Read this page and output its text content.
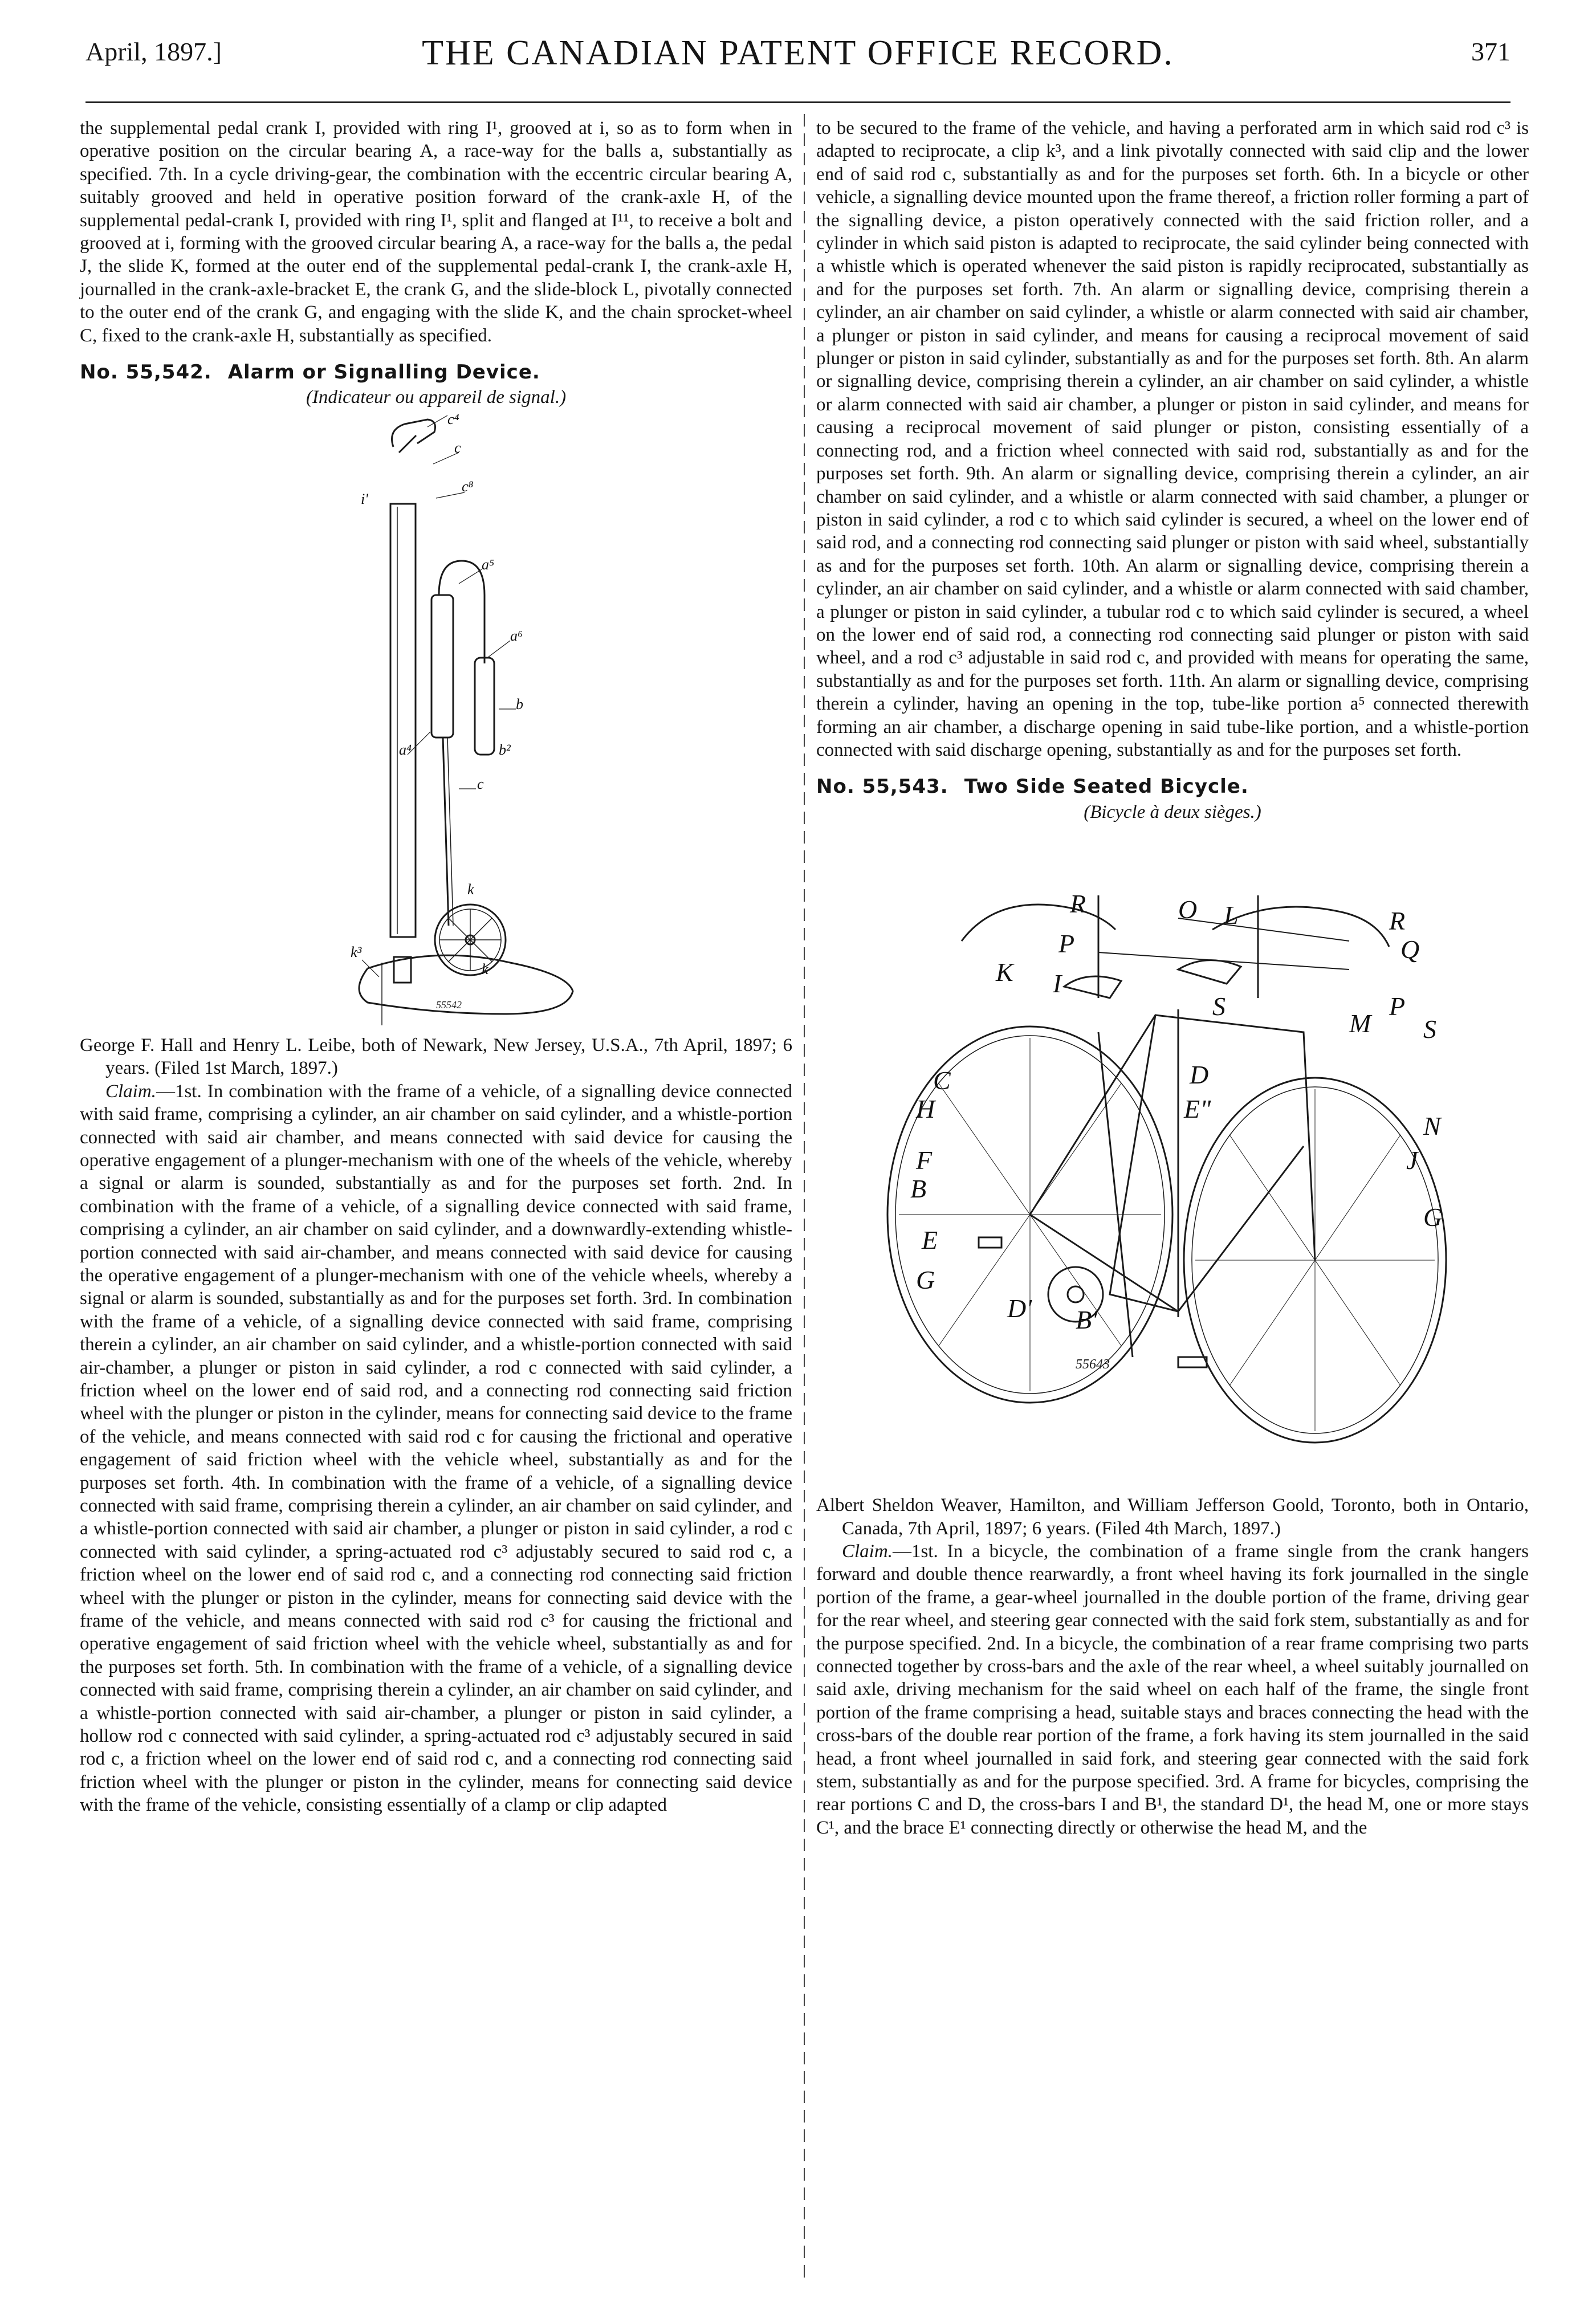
April, 1897.]	THE CANADIAN PATENT OFFICE RECORD.	371

the supplemental pedal crank I, provided with ring I¹, grooved at i, so as to form when in operative position on the circular bearing A, a race-way for the balls a, substantially as specified. 7th. In a cycle driving-gear, the combination with the eccentric circular bearing A, suitably grooved and held in operative position forward of the crank-axle H, of the supplemental pedal-crank I, provided with ring I¹, split and flanged at I¹¹, to receive a bolt and grooved at i, forming with the grooved circular bearing A, a race-way for the balls a, the pedal J, the slide K, formed at the outer end of the supplemental pedal-crank I, the crank-axle H, journalled in the crank-axle-bracket E, the crank G, and the slide-block L, pivotally connected to the outer end of the crank G, and engaging with the slide K, and the chain sprocket-wheel C, fixed to the crank-axle H, substantially as specified.

No. 55,542. Alarm or Signalling Device.
(Indicateur ou appareil de signal.)
c⁴
c
c⁸
i'
a⁵
a⁶
b
b²
a⁴
c
k
k³
k
55542

George F. Hall and Henry L. Leibe, both of Newark, New Jersey, U.S.A., 7th April, 1897; 6 years. (Filed 1st March, 1897.)

Claim.—1st. In combination with the frame of a vehicle, of a signalling device connected with said frame, comprising a cylinder, an air chamber on said cylinder, and a whistle-portion connected with said air chamber, and means connected with said device for causing the operative engagement of a plunger-mechanism with one of the wheels of the vehicle, whereby a signal or alarm is sounded, substantially as and for the purposes set forth. 2nd. In combination with the frame of a vehicle, of a signalling device connected with said frame, comprising a cylinder, an air chamber on said cylinder, and a downwardly-extending whistle-portion connected with said air-chamber, and means connected with said device for causing the operative engagement of a plunger-mechanism with one of the vehicle wheels, whereby a signal or alarm is sounded, substantially as and for the purposes set forth. 3rd. In combination with the frame of a vehicle, of a signalling device connected with said frame, comprising therein a cylinder, an air chamber on said cylinder, and a whistle-portion connected with said air-chamber, a plunger or piston in said cylinder, a rod c connected with said cylinder, a friction wheel on the lower end of said rod, and a connecting rod connecting said friction wheel with the plunger or piston in the cylinder, means for connecting said device to the frame of the vehicle, and means connected with said rod c for causing the frictional and operative engagement of said friction wheel with the vehicle wheel, substantially as and for the purposes set forth. 4th. In combination with the frame of a vehicle, of a signalling device connected with said frame, comprising therein a cylinder, an air chamber on said cylinder, and a whistle-portion connected with said air chamber, a plunger or piston in said cylinder, a rod c connected with said cylinder, a spring-actuated rod c³ adjustably secured to said rod c, a friction wheel on the lower end of said rod c, and a connecting rod connecting said friction wheel with the plunger or piston in the cylinder, means for connecting said device with the frame of the vehicle, and means connected with said rod c³ for causing the frictional and operative engagement of said friction wheel with the vehicle wheel, substantially as and for the purposes set forth. 5th. In combination with the frame of a vehicle, of a signalling device connected with said frame, comprising therein a cylinder, an air chamber on said cylinder, and a whistle-portion connected with said air-chamber, a plunger or piston in said cylinder, a hollow rod c connected with said cylinder, a spring-actuated rod c³ adjustably secured in said rod c, a friction wheel on the lower end of said rod c, and a connecting rod connecting said friction wheel with the plunger or piston in the cylinder, means for connecting said device with the frame of the vehicle, consisting essentially of a clamp or clip adapted

to be secured to the frame of the vehicle, and having a perforated arm in which said rod c³ is adapted to reciprocate, a clip k³, and a link pivotally connected with said clip and the lower end of said rod c, substantially as and for the purposes set forth. 6th. In a bicycle or other vehicle, a signalling device mounted upon the frame thereof, a friction roller forming a part of the signalling device, a piston operatively connected with the said friction roller, and a cylinder in which said piston is adapted to reciprocate, the said cylinder being connected with a whistle which is operated whenever the said piston is rapidly reciprocated, substantially as and for the purposes set forth. 7th. An alarm or signalling device, comprising therein a cylinder, an air chamber on said cylinder, a whistle or alarm connected with said air chamber, a plunger or piston in said cylinder, and means for causing a reciprocal movement of said plunger or piston in said cylinder, substantially as and for the purposes set forth. 8th. An alarm or signalling device, comprising therein a cylinder, an air chamber on said cylinder, a whistle or alarm connected with said air chamber, a plunger or piston in said cylinder, and means for causing a reciprocal movement of said plunger or piston, consisting essentially of a connecting rod, and a friction wheel connected with said rod, substantially as and for the purposes set forth. 9th. An alarm or signalling device, comprising therein a cylinder, an air chamber on said cylinder, and a whistle or alarm connected with said chamber, a plunger or piston in said cylinder, a rod c to which said cylinder is secured, a wheel on the lower end of said rod, and a connecting rod connecting said plunger or piston with said wheel, substantially as and for the purposes set forth. 10th. An alarm or signalling device, comprising therein a cylinder, an air chamber on said cylinder, and a whistle or alarm connected with said chamber, a plunger or piston in said cylinder, a tubular rod c to which said cylinder is secured, a wheel on the lower end of said rod, a connecting rod connecting said plunger or piston with said wheel, and a rod c³ adjustable in said rod c, and provided with means for operating the same, substantially as and for the purposes set forth. 11th. An alarm or signalling device, comprising therein a cylinder, having an opening in the top, tube-like portion a⁵ connected therewith forming an air chamber, a discharge opening in said tube-like portion, and a whistle-portion connected with said discharge opening, substantially as and for the purposes set forth.

No. 55,543. Two Side Seated Bicycle.
(Bicycle à deux sièges.)
R	O L	R
P	Q
K I
P
S
M S
C
H
D
E"
N
J
F
B
G
E
G
D' B'
55643

Albert Sheldon Weaver, Hamilton, and William Jefferson Goold, Toronto, both in Ontario, Canada, 7th April, 1897; 6 years. (Filed 4th March, 1897.)

Claim.—1st. In a bicycle, the combination of a frame single from the crank hangers forward and double thence rearwardly, a front wheel having its fork journalled in the single portion of the frame, a gear-wheel journalled in the double portion of the frame, driving gear for the rear wheel, and steering gear connected with the said fork stem, substantially as and for the purpose specified. 2nd. In a bicycle, the combination of a rear frame comprising two parts connected together by cross-bars and the axle of the rear wheel, a wheel suitably journalled on said axle, driving mechanism for the said wheel on each half of the frame, the single front portion of the frame comprising a head, suitable stays and braces connecting the head with the cross-bars of the double rear portion of the frame, a fork having its stem journalled in the said head, a front wheel journalled in said fork, and steering gear connected with the said fork stem, substantially as and for the purpose specified. 3rd. A frame for bicycles, comprising the rear portions C and D, the cross-bars I and B¹, the standard D¹, the head M, one or more stays C¹, and the brace E¹ connecting directly or otherwise the head M, and the
